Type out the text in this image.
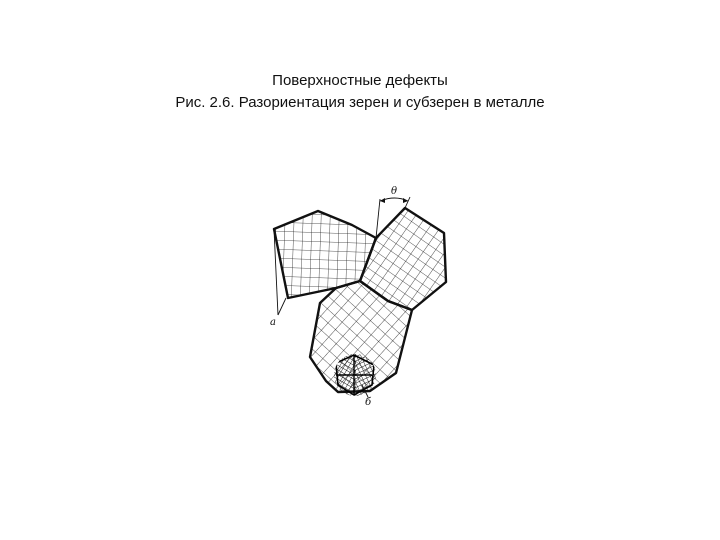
Поверхностные дефекты
Рис. 2.6. Разориентация зерен и субзерен в металле
θ
а
б
